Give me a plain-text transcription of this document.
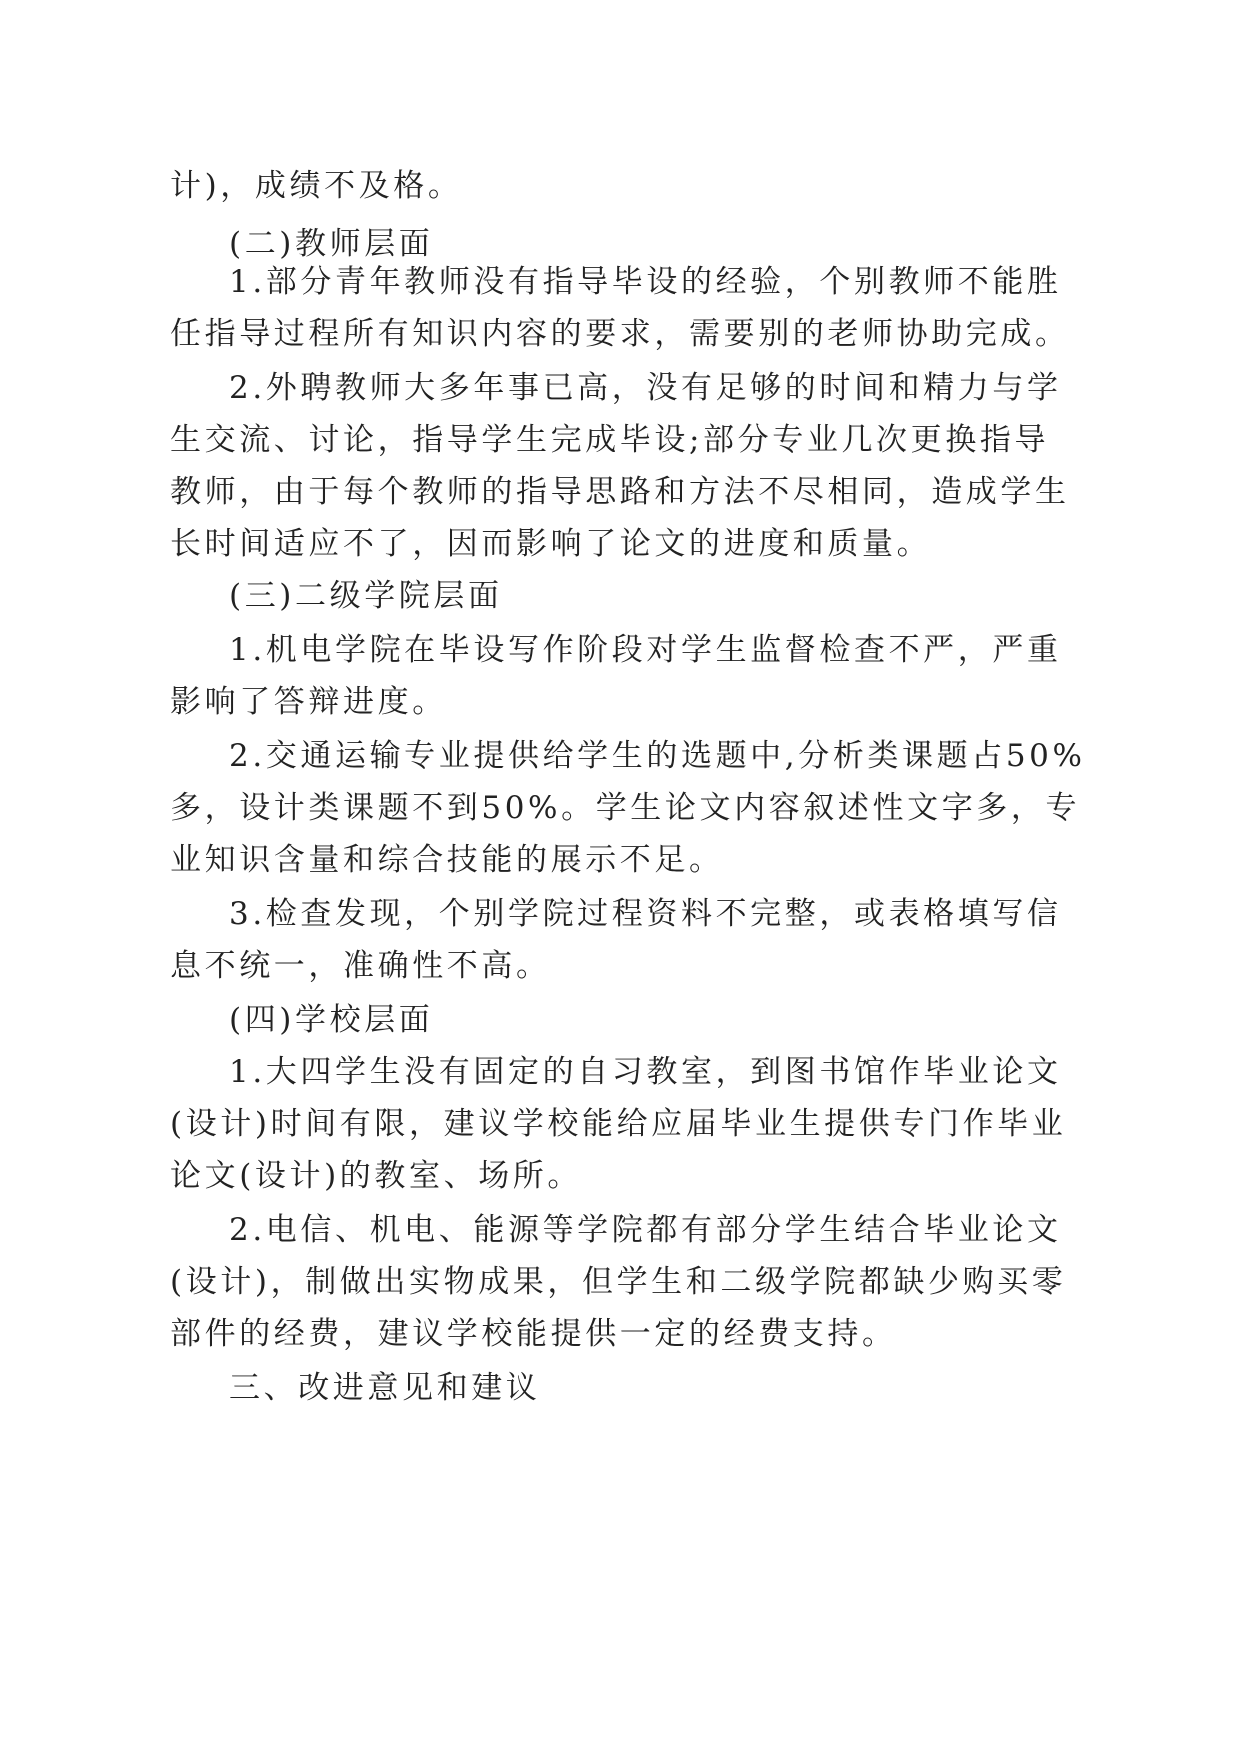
计)，成绩不及格。
(二)教师层面
1.部分青年教师没有指导毕设的经验，个别教师不能胜
任指导过程所有知识内容的要求，需要别的老师协助完成。
2.外聘教师大多年事已高，没有足够的时间和精力与学
生交流、讨论，指导学生完成毕设;部分专业几次更换指导
教师，由于每个教师的指导思路和方法不尽相同，造成学生
长时间适应不了，因而影响了论文的进度和质量。
(三)二级学院层面
1.机电学院在毕设写作阶段对学生监督检查不严，严重
影响了答辩进度。
2.交通运输专业提供给学生的选题中,分析类课题占50%
多，设计类课题不到50%。学生论文内容叙述性文字多，专
业知识含量和综合技能的展示不足。
3.检查发现，个别学院过程资料不完整，或表格填写信
息不统一，准确性不高。
(四)学校层面
1.大四学生没有固定的自习教室，到图书馆作毕业论文
(设计)时间有限，建议学校能给应届毕业生提供专门作毕业
论文(设计)的教室、场所。
2.电信、机电、能源等学院都有部分学生结合毕业论文
(设计)，制做出实物成果，但学生和二级学院都缺少购买零
部件的经费，建议学校能提供一定的经费支持。
三、改进意见和建议
